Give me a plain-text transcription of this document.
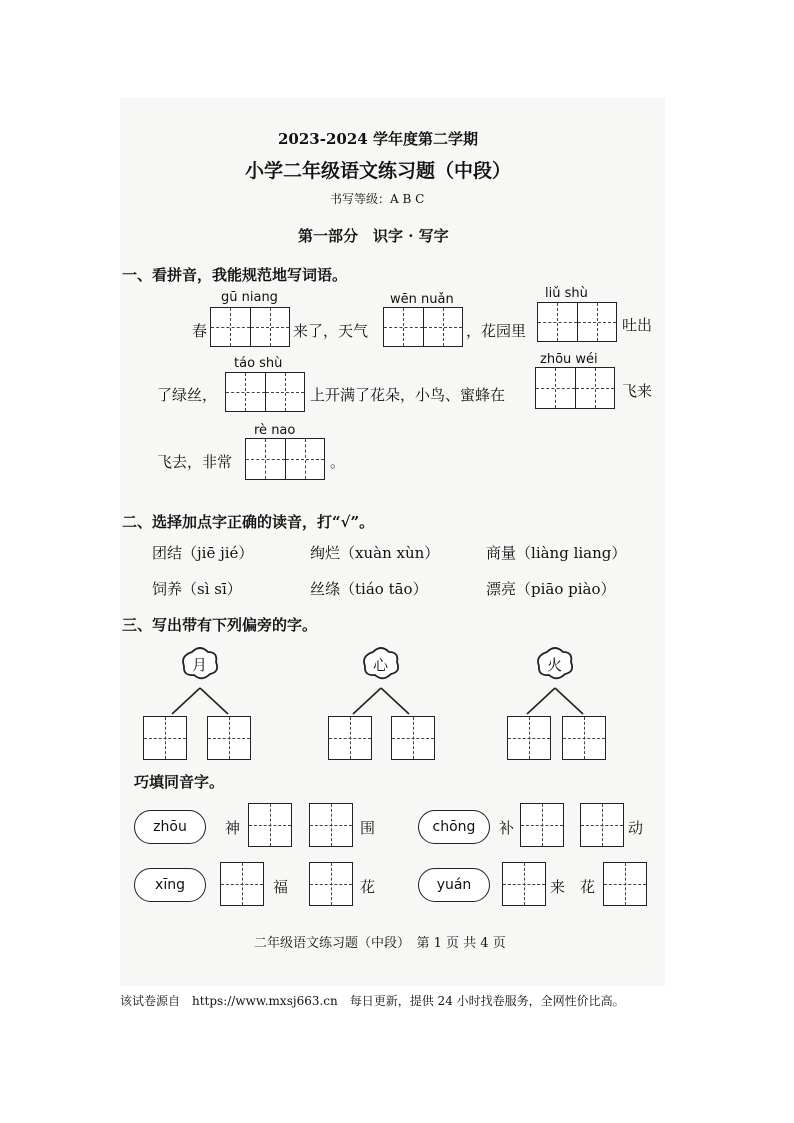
2023-2024 学年度第二学期
小学二年级语文练习题（中段）
书写等级：A B C
第一部分　识字 · 写字
一、看拼音，我能规范地写词语。
gū niang
春	来了，天气
wēn nuǎn
，花园里
liǔ shù
吐出
táo shù
了绿丝，	上开满了花朵，小鸟、蜜蜂在
zhōu wéi
飞来
rè nao
飞去，非常	。
二、选择加点字正确的读音，打“√”。
团结（jiē jié）	绚烂（xuàn xùn）	商量（liàng liang）
饲养（sì sī）	丝绦（tiáo tāo）	漂亮（piāo piào）
三、写出带有下列偏旁的字。
月	心	火
巧填同音字。
zhōu	神	围	chōng	补	动
xīng	福	花	yuán	来 花
二年级语文练习题（中段）　第 1 页 共 4 页
该试卷源自　https://www.mxsj663.cn　每日更新，提供 24 小时找卷服务，全网性价比高。
